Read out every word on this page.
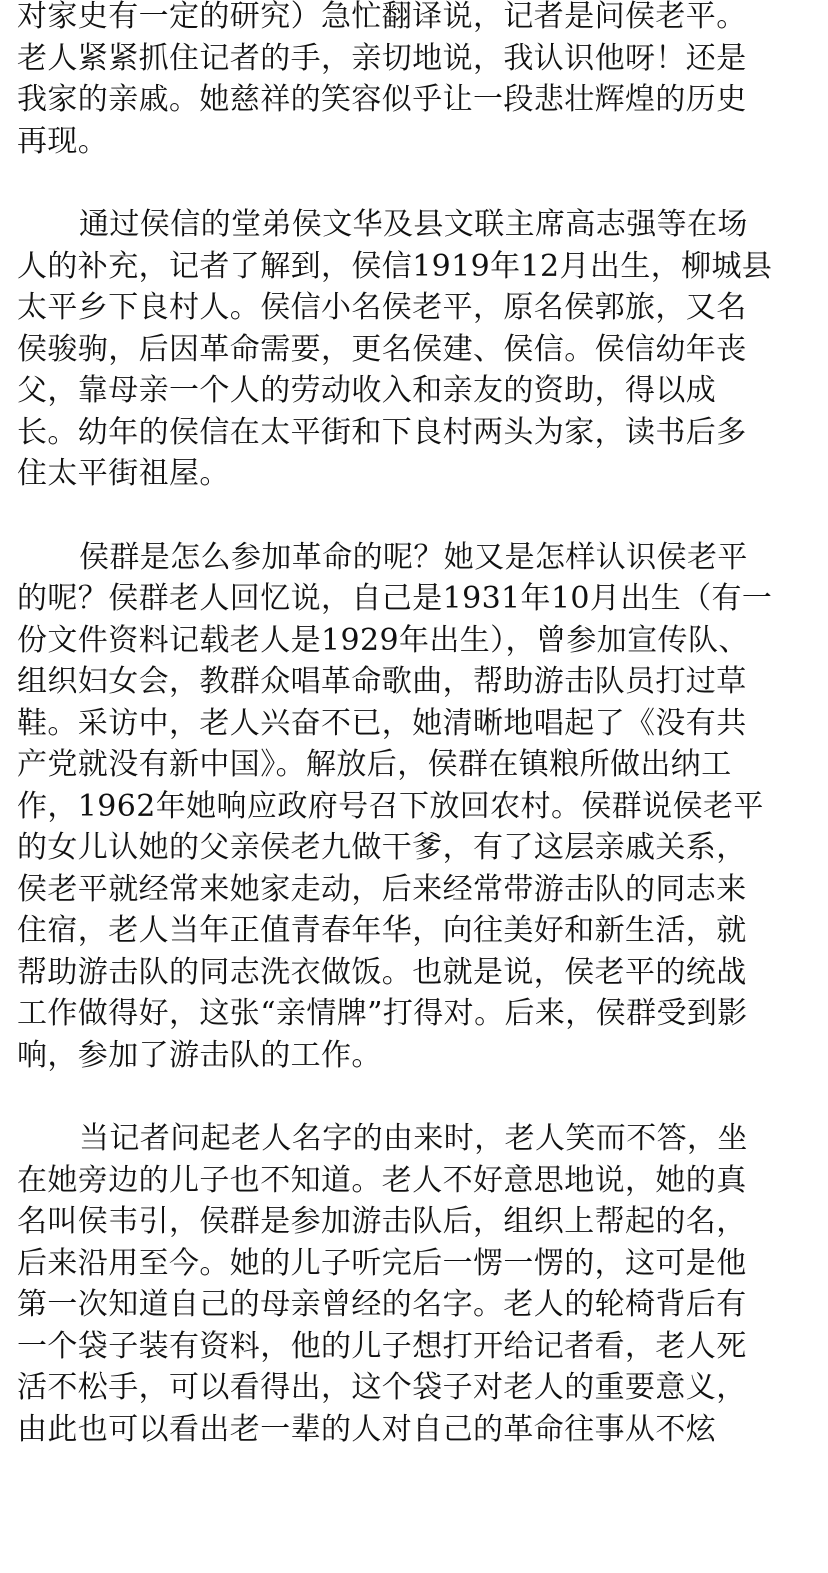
对家史有一定的研究）急忙翻译说，记者是问侯老平。
老人紧紧抓住记者的手，亲切地说，我认识他呀！还是
我家的亲戚。她慈祥的笑容似乎让一段悲壮辉煌的历史
再现。

通过侯信的堂弟侯文华及县文联主席高志强等在场
人的补充，记者了解到，侯信1919年12月出生，柳城县
太平乡下良村人。侯信小名侯老平，原名侯郭旅，又名
侯骏驹，后因革命需要，更名侯建、侯信。侯信幼年丧
父，靠母亲一个人的劳动收入和亲友的资助，得以成
长。幼年的侯信在太平街和下良村两头为家，读书后多
住太平街祖屋。

侯群是怎么参加革命的呢？她又是怎样认识侯老平
的呢？侯群老人回忆说，自己是1931年10月出生（有一
份文件资料记载老人是1929年出生），曾参加宣传队、
组织妇女会，教群众唱革命歌曲，帮助游击队员打过草
鞋。采访中，老人兴奋不已，她清晰地唱起了《没有共
产党就没有新中国》。解放后，侯群在镇粮所做出纳工
作，1962年她响应政府号召下放回农村。侯群说侯老平
的女儿认她的父亲侯老九做干爹，有了这层亲戚关系，
侯老平就经常来她家走动，后来经常带游击队的同志来
住宿，老人当年正值青春年华，向往美好和新生活，就
帮助游击队的同志洗衣做饭。也就是说，侯老平的统战
工作做得好，这张“亲情牌”打得对。后来，侯群受到影
响，参加了游击队的工作。

当记者问起老人名字的由来时，老人笑而不答，坐
在她旁边的儿子也不知道。老人不好意思地说，她的真
名叫侯韦引，侯群是参加游击队后，组织上帮起的名，
后来沿用至今。她的儿子听完后一愣一愣的，这可是他
第一次知道自己的母亲曾经的名字。老人的轮椅背后有
一个袋子装有资料，他的儿子想打开给记者看，老人死
活不松手，可以看得出，这个袋子对老人的重要意义，
由此也可以看出老一辈的人对自己的革命往事从不炫
